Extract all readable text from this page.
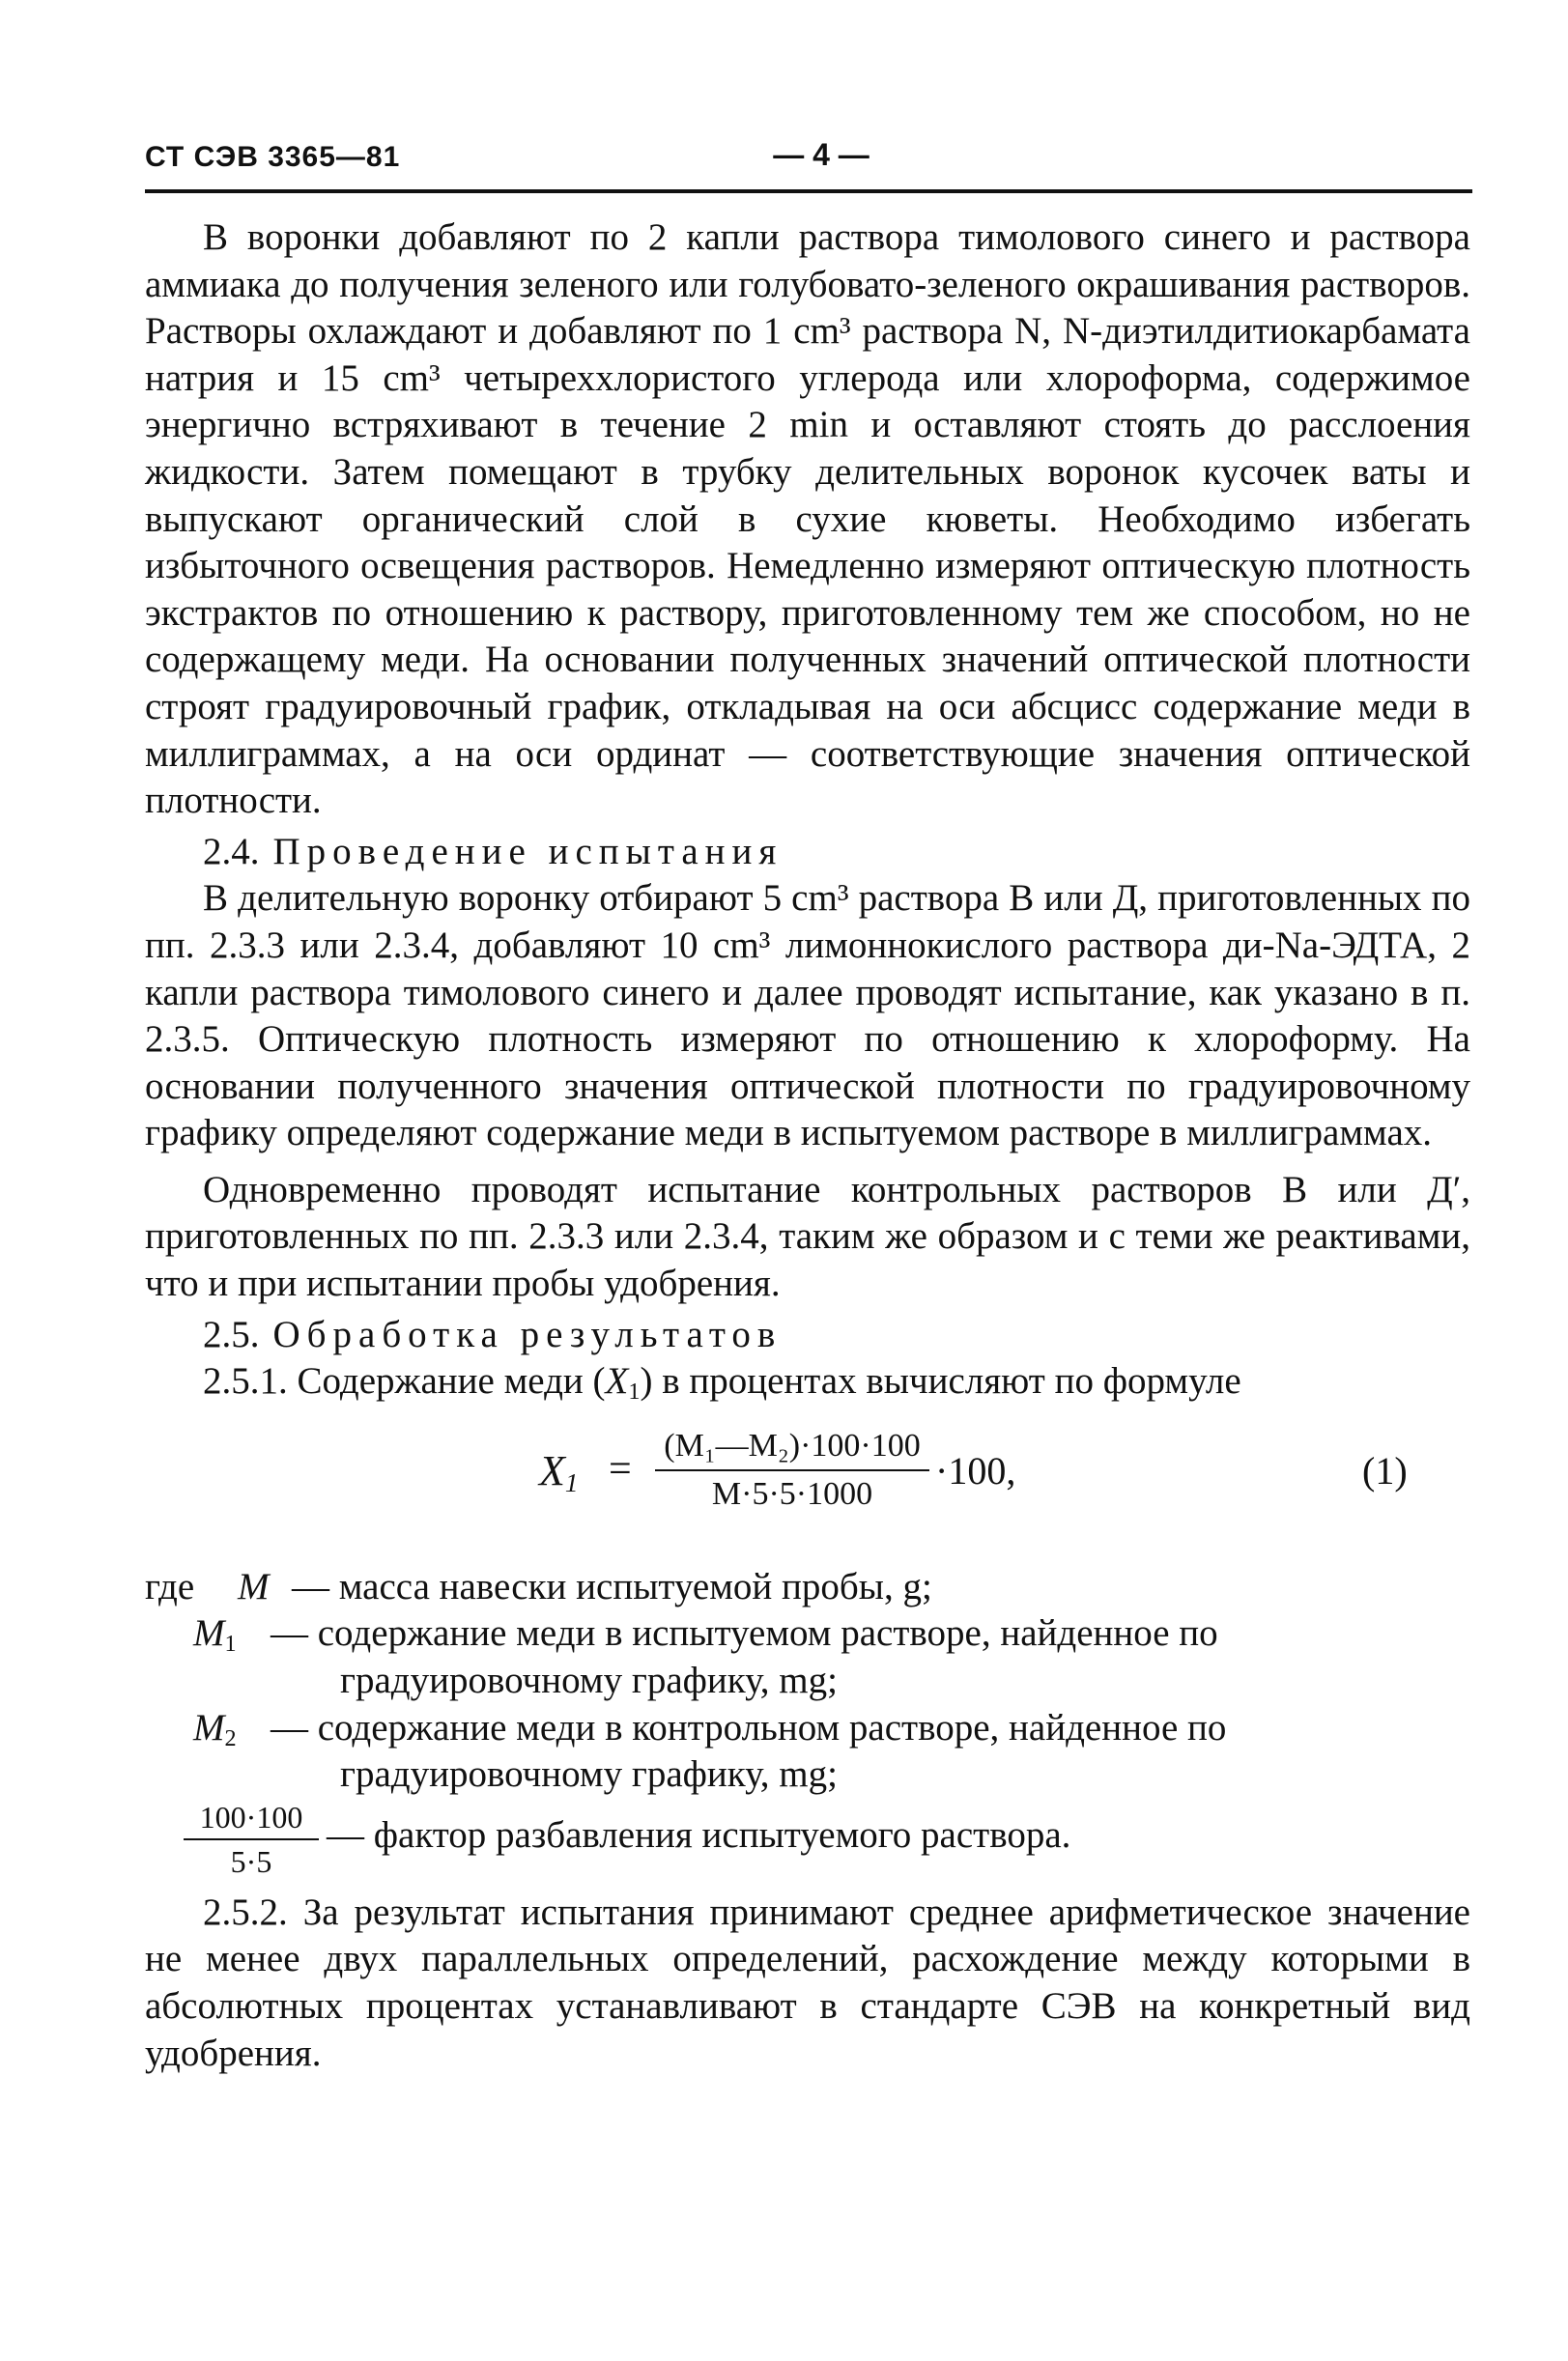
СТ СЭВ 3365—81	— 4 —

В воронки добавляют по 2 капли раствора тимолового синего и раствора аммиака до получения зеленого или голубовато-зеленого окрашивания растворов. Растворы охлаждают и добавляют по 1 cm³ раствора N, N-диэтилдитиокарбамата натрия и 15 cm³ четыреххлористого углерода или хлороформа, содержимое энергично встряхивают в течение 2 min и оставляют стоять до расслоения жидкости. Затем помещают в трубку делительных воронок кусочек ваты и выпускают органический слой в сухие кюветы. Необходимо избегать избыточного освещения растворов. Немедленно измеряют оптическую плотность экстрактов по отношению к раствору, приготовленному тем же способом, но не содержащему меди. На основании полученных значений оптической плотности строят градуировочный график, откладывая на оси абсцисс содержание меди в миллиграммах, а на оси ординат — соответствующие значения оптической плотности.

2.4. Проведение испытания

В делительную воронку отбирают 5 cm³ раствора В или Д, приготовленных по пп. 2.3.3 или 2.3.4, добавляют 10 cm³ лимоннокислого раствора ди-Na-ЭДТА, 2 капли раствора тимолового синего и далее проводят испытание, как указано в п. 2.3.5. Оптическую плотность измеряют по отношению к хлороформу. На основании полученного значения оптической плотности по градуировочному графику определяют содержание меди в испытуемом растворе в миллиграммах.

Одновременно проводят испытание контрольных растворов В или Д′, приготовленных по пп. 2.3.3 или 2.3.4, таким же образом и с теми же реактивами, что и при испытании пробы удобрения.

2.5. Обработка результатов

2.5.1. Содержание меди $(X_1)$ в процентах вычисляют по формуле

$X_1$ =
(M₁—M₂)·100·100
M·5·5·1000
·100,	(1)
где M — масса навески испытуемой пробы, g;
$M_1$ — содержание меди в испытуемом растворе, найденное по
градуировочному графику, mg;
$M_2$ — содержание меди в контрольном растворе, найденное по
градуировочному графику, mg;
100·100
5·5
— фактор разбавления испытуемого раствора.

2.5.2. За результат испытания принимают среднее арифметическое значение не менее двух параллельных определений, расхождение между которыми в абсолютных процентах устанавливают в стандарте СЭВ на конкретный вид удобрения.
